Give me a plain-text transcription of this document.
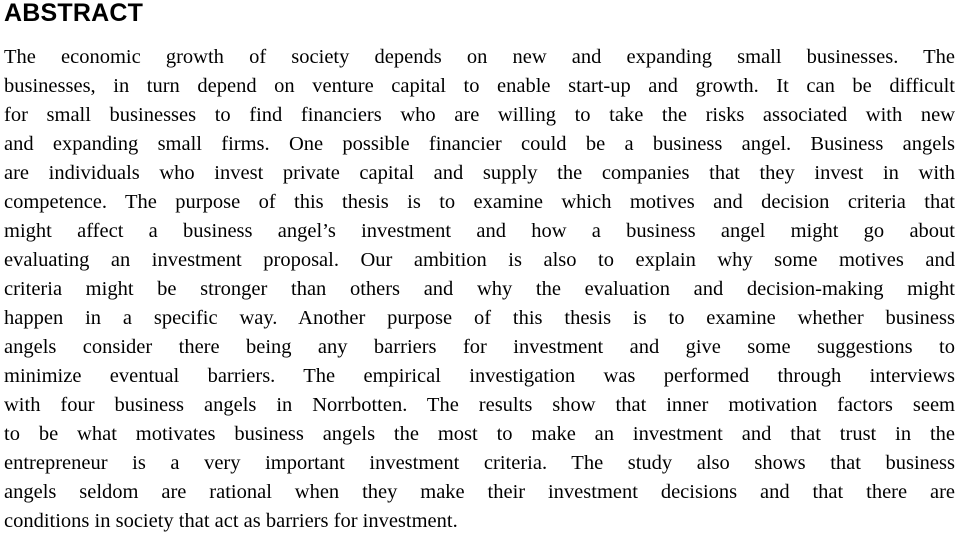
ABSTRACT
The economic growth of society depends on new and expanding small businesses. The
businesses, in turn depend on venture capital to enable start-up and growth. It can be difficult
for small businesses to find financiers who are willing to take the risks associated with new
and expanding small firms. One possible financier could be a business angel. Business angels
are individuals who invest private capital and supply the companies that they invest in with
competence. The purpose of this thesis is to examine which motives and decision criteria that
might affect a business angel’s investment and how a business angel might go about
evaluating an investment proposal. Our ambition is also to explain why some motives and
criteria might be stronger than others and why the evaluation and decision-making might
happen in a specific way. Another purpose of this thesis is to examine whether business
angels consider there being any barriers for investment and give some suggestions to
minimize eventual barriers. The empirical investigation was performed through interviews
with four business angels in Norrbotten. The results show that inner motivation factors seem
to be what motivates business angels the most to make an investment and that trust in the
entrepreneur is a very important investment criteria. The study also shows that business
angels seldom are rational when they make their investment decisions and that there are
conditions in society that act as barriers for investment.
